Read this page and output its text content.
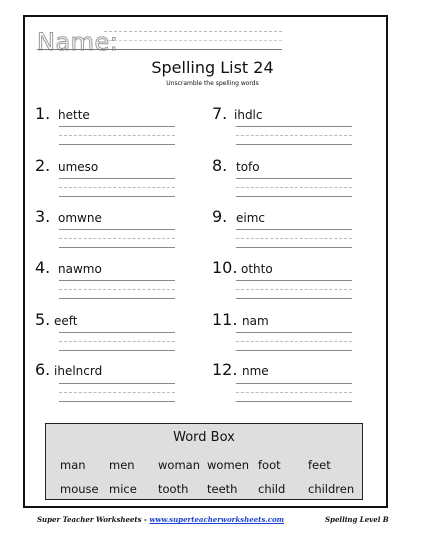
Name:
Spelling List 24
Unscramble the spelling words
1. hette
2. umeso
3. omwne
4. nawmo
5. eeft
6. ihelncrd
7. ihdlc
8. tofo
9. eimc
10. othto
11. nam
12. nme
Word Box
man men woman women foot feet
mouse mice tooth teeth child children
Super Teacher Worksheets - www.superteacherworksheets.com	Spelling Level B
